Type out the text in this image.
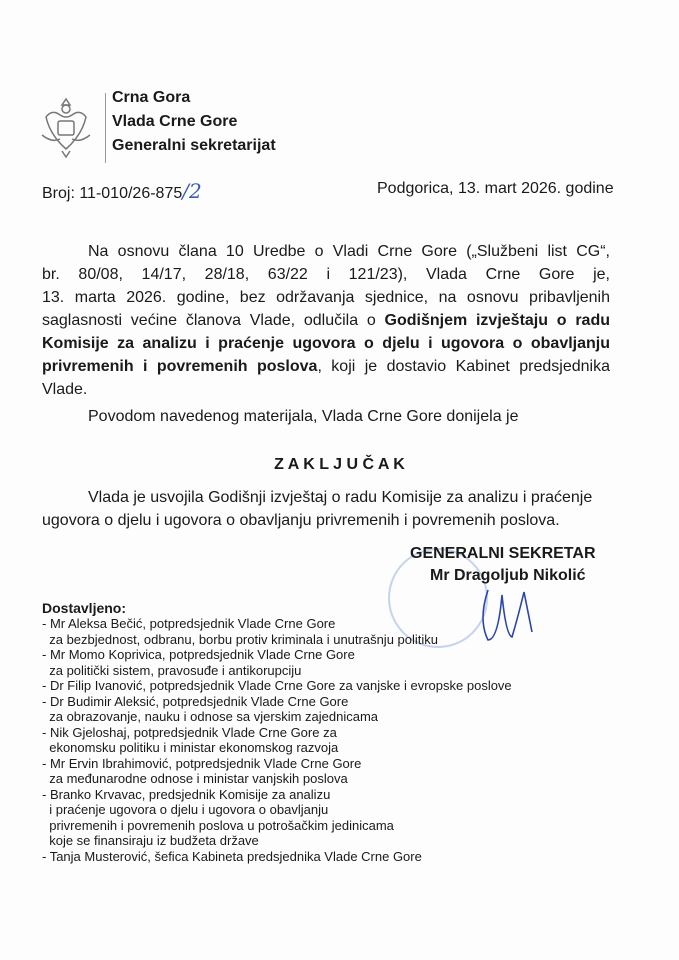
Crna Gora
Vlada Crne Gore
Generalni sekretarijat
Broj: 11-010/26-875/2	Podgorica, 13. mart 2026. godine
Na osnovu člana 10 Uredbe o Vladi Crne Gore („Službeni list CG“,
br. 80/08, 14/17, 28/18, 63/22 i 121/23), Vlada Crne Gore je,
13. marta 2026. godine, bez održavanja sjednice, na osnovu pribavljenih
saglasnosti većine članova Vlade, odlučila o Godišnjem izvještaju o radu
Komisije za analizu i praćenje ugovora o djelu i ugovora o obavljanju
privremenih i povremenih poslova, koji je dostavio Kabinet predsjednika
Vlade.
Povodom navedenog materijala, Vlada Crne Gore donijela je
Z A K L J U Č A K
Vlada je usvojila Godišnji izvještaj o radu Komisije za analizu i praćenje
ugovora o djelu i ugovora o obavljanju privremenih i povremenih poslova.
GENERALNI SEKRETAR
Mr Dragoljub Nikolić
Dostavljeno:
- Mr Aleksa Bečić, potpredsjednik Vlade Crne Gore
za bezbjednost, odbranu, borbu protiv kriminala i unutrašnju politiku
- Mr Momo Koprivica, potpredsjednik Vlade Crne Gore
za politički sistem, pravosuđe i antikorupciju
- Dr Filip Ivanović, potpredsjednik Vlade Crne Gore za vanjske i evropske poslove
- Dr Budimir Aleksić, potpredsjednik Vlade Crne Gore
za obrazovanje, nauku i odnose sa vjerskim zajednicama
- Nik Gjeloshaj, potpredsjednik Vlade Crne Gore za
ekonomsku politiku i ministar ekonomskog razvoja
- Mr Ervin Ibrahimović, potpredsjednik Vlade Crne Gore
za međunarodne odnose i ministar vanjskih poslova
- Branko Krvavac, predsjednik Komisije za analizu
i praćenje ugovora o djelu i ugovora o obavljanju
privremenih i povremenih poslova u potrošačkim jedinicama
koje se finansiraju iz budžeta države
- Tanja Musterović, šefica Kabineta predsjednika Vlade Crne Gore
